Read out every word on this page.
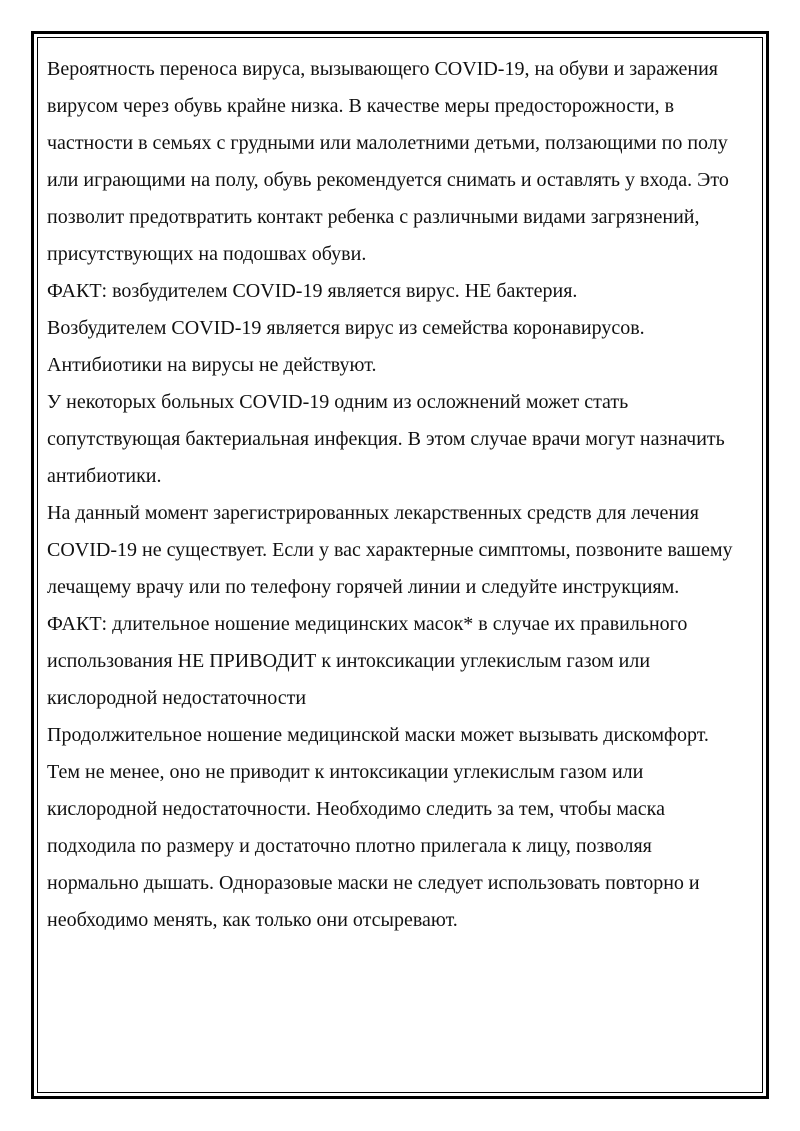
Вероятность переноса вируса, вызывающего COVID-19, на обуви и заражения вирусом через обувь крайне низка. В качестве меры предосторожности, в частности в семьях с грудными или малолетними детьми, ползающими по полу или играющими на полу, обувь рекомендуется снимать и оставлять у входа. Это позволит предотвратить контакт ребенка с различными видами загрязнений, присутствующих на подошвах обуви.

ФАКТ: возбудителем COVID-19 является вирус. НЕ бактерия.

Возбудителем COVID-19 является вирус из семейства коронавирусов. Антибиотики на вирусы не действуют.

У некоторых больных COVID-19 одним из осложнений может стать сопутствующая бактериальная инфекция. В этом случае врачи могут назначить антибиотики.

На данный момент зарегистрированных лекарственных средств для лечения COVID-19 не существует. Если у вас характерные симптомы, позвоните вашему лечащему врачу или по телефону горячей линии и следуйте инструкциям.

ФАКТ: длительное ношение медицинских масок* в случае их правильного использования НЕ ПРИВОДИТ к интоксикации углекислым газом или кислородной недостаточности

Продолжительное ношение медицинской маски может вызывать дискомфорт. Тем не менее, оно не приводит к интоксикации углекислым газом или кислородной недостаточности. Необходимо следить за тем, чтобы маска подходила по размеру и достаточно плотно прилегала к лицу, позволяя нормально дышать. Одноразовые маски не следует использовать повторно и необходимо менять, как только они отсыревают.
